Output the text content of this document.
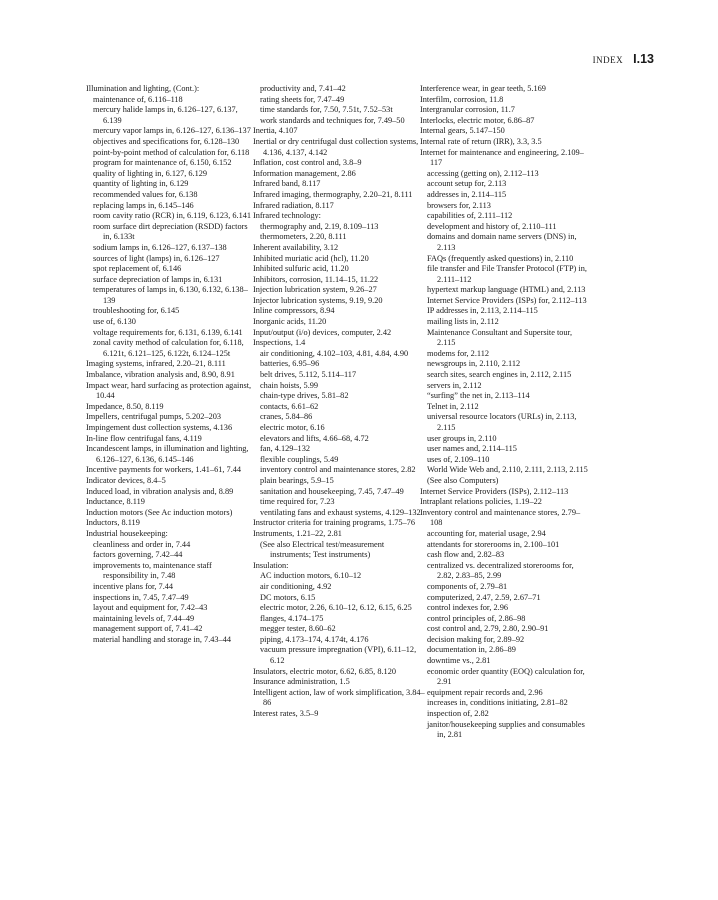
INDEX I.13

Illumination and lighting, (Cont.):

maintenance of, 6.116–118

mercury halide lamps in, 6.126–127, 6.137, 6.139

mercury vapor lamps in, 6.126–127, 6.136–137

objectives and specifications for, 6.128–130

point-by-point method of calculation for, 6.118

program for maintenance of, 6.150, 6.152

quality of lighting in, 6.127, 6.129

quantity of lighting in, 6.129

recommended values for, 6.138

replacing lamps in, 6.145–146

room cavity ratio (RCR) in, 6.119, 6.123, 6.141

room surface dirt depreciation (RSDD) factors in, 6.133t

sodium lamps in, 6.126–127, 6.137–138

sources of light (lamps) in, 6.126–127

spot replacement of, 6.146

surface depreciation of lamps in, 6.131

temperatures of lamps in, 6.130, 6.132, 6.138–139

troubleshooting for, 6.145

use of, 6.130

voltage requirements for, 6.131, 6.139, 6.141

zonal cavity method of calculation for, 6.118, 6.121t, 6.121–125, 6.122t, 6.124–125t

Imaging systems, infrared, 2.20–21, 8.111

Imbalance, vibration analysis and, 8.90, 8.91

Impact wear, hard surfacing as protection against, 10.44

Impedance, 8.50, 8.119

Impellers, centrifugal pumps, 5.202–203

Impingement dust collection systems, 4.136

In-line flow centrifugal fans, 4.119

Incandescent lamps, in illumination and lighting, 6.126–127, 6.136, 6.145–146

Incentive payments for workers, 1.41–61, 7.44

Indicator devices, 8.4–5

Induced load, in vibration analysis and, 8.89

Inductance, 8.119

Induction motors (See Ac induction motors)

Inductors, 8.119

Industrial housekeeping:

cleanliness and order in, 7.44

factors governing, 7.42–44

improvements to, maintenance staff responsibility in, 7.48

incentive plans for, 7.44

inspections in, 7.45, 7.47–49

layout and equipment for, 7.42–43

maintaining levels of, 7.44–49

management support of, 7.41–42

material handling and storage in, 7.43–44

productivity and, 7.41–42

rating sheets for, 7.47–49

time standards for, 7.50, 7.51t, 7.52–53t

work standards and techniques for, 7.49–50

Inertia, 4.107

Inertial or dry centrifugal dust collection systems, 4.136, 4.137, 4.142

Inflation, cost control and, 3.8–9

Information management, 2.86

Infrared band, 8.117

Infrared imaging, thermography, 2.20–21, 8.111

Infrared radiation, 8.117

Infrared technology:

thermography and, 2.19, 8.109–113

thermometers, 2.20, 8.111

Inherent availability, 3.12

Inhibited muriatic acid (hcl), 11.20

Inhibited sulfuric acid, 11.20

Inhibitors, corrosion, 11.14–15, 11.22

Injection lubrication system, 9.26–27

Injector lubrication systems, 9.19, 9.20

Inline compressors, 8.94

Inorganic acids, 11.20

Input/output (i/o) devices, computer, 2.42

Inspections, 1.4

air conditioning, 4.102–103, 4.81, 4.84, 4.90

batteries, 6.95–96

belt drives, 5.112, 5.114–117

chain hoists, 5.99

chain-type drives, 5.81–82

contacts, 6.61–62

cranes, 5.84–86

electric motor, 6.16

elevators and lifts, 4.66–68, 4.72

fan, 4.129–132

flexible couplings, 5.49

inventory control and maintenance stores, 2.82

plain bearings, 5.9–15

sanitation and housekeeping, 7.45, 7.47–49

time required for, 7.23

ventilating fans and exhaust systems, 4.129–132

Instructor criteria for training programs, 1.75–76

Instruments, 1.21–22, 2.81

(See also Electrical test/measurement instruments; Test instruments)

Insulation:

AC induction motors, 6.10–12

air conditioning, 4.92

DC motors, 6.15

electric motor, 2.26, 6.10–12, 6.12, 6.15, 6.25

flanges, 4.174–175

megger tester, 8.60–62

piping, 4.173–174, 4.174t, 4.176

vacuum pressure impregnation (VPI), 6.11–12, 6.12

Insulators, electric motor, 6.62, 6.85, 8.120

Insurance administration, 1.5

Intelligent action, law of work simplification, 3.84–86

Interest rates, 3.5–9

Interference wear, in gear teeth, 5.169

Interfilm, corrosion, 11.8

Intergranular corrosion, 11.7

Interlocks, electric motor, 6.86–87

Internal gears, 5.147–150

Internal rate of return (IRR), 3.3, 3.5

Internet for maintenance and engineering, 2.109–117

accessing (getting on), 2.112–113

account setup for, 2.113

addresses in, 2.114–115

browsers for, 2.113

capabilities of, 2.111–112

development and history of, 2.110–111

domains and domain name servers (DNS) in, 2.113

FAQs (frequently asked questions) in, 2.110

file transfer and File Transfer Protocol (FTP) in, 2.111–112

hypertext markup language (HTML) and, 2.113

Internet Service Providers (ISPs) for, 2.112–113

IP addresses in, 2.113, 2.114–115

mailing lists in, 2.112

Maintenance Consultant and Supersite tour, 2.115

modems for, 2.112

newsgroups in, 2.110, 2.112

search sites, search engines in, 2.112, 2.115

servers in, 2.112

“surfing” the net in, 2.113–114

Telnet in, 2.112

universal resource locators (URLs) in, 2.113, 2.115

user groups in, 2.110

user names and, 2.114–115

uses of, 2.109–110

World Wide Web and, 2.110, 2.111, 2.113, 2.115

(See also Computers)

Internet Service Providers (ISPs), 2.112–113

Intraplant relations policies, 1.19–22

Inventory control and maintenance stores, 2.79–108

accounting for, material usage, 2.94

attendants for storerooms in, 2.100–101

cash flow and, 2.82–83

centralized vs. decentralized storerooms for, 2.82, 2.83–85, 2.99

components of, 2.79–81

computerized, 2.47, 2.59, 2.67–71

control indexes for, 2.96

control principles of, 2.86–98

cost control and, 2.79, 2.80, 2.90–91

decision making for, 2.89–92

documentation in, 2.86–89

downtime vs., 2.81

economic order quantity (EOQ) calculation for, 2.91

equipment repair records and, 2.96

increases in, conditions initiating, 2.81–82

inspection of, 2.82

janitor/housekeeping supplies and consumables in, 2.81
